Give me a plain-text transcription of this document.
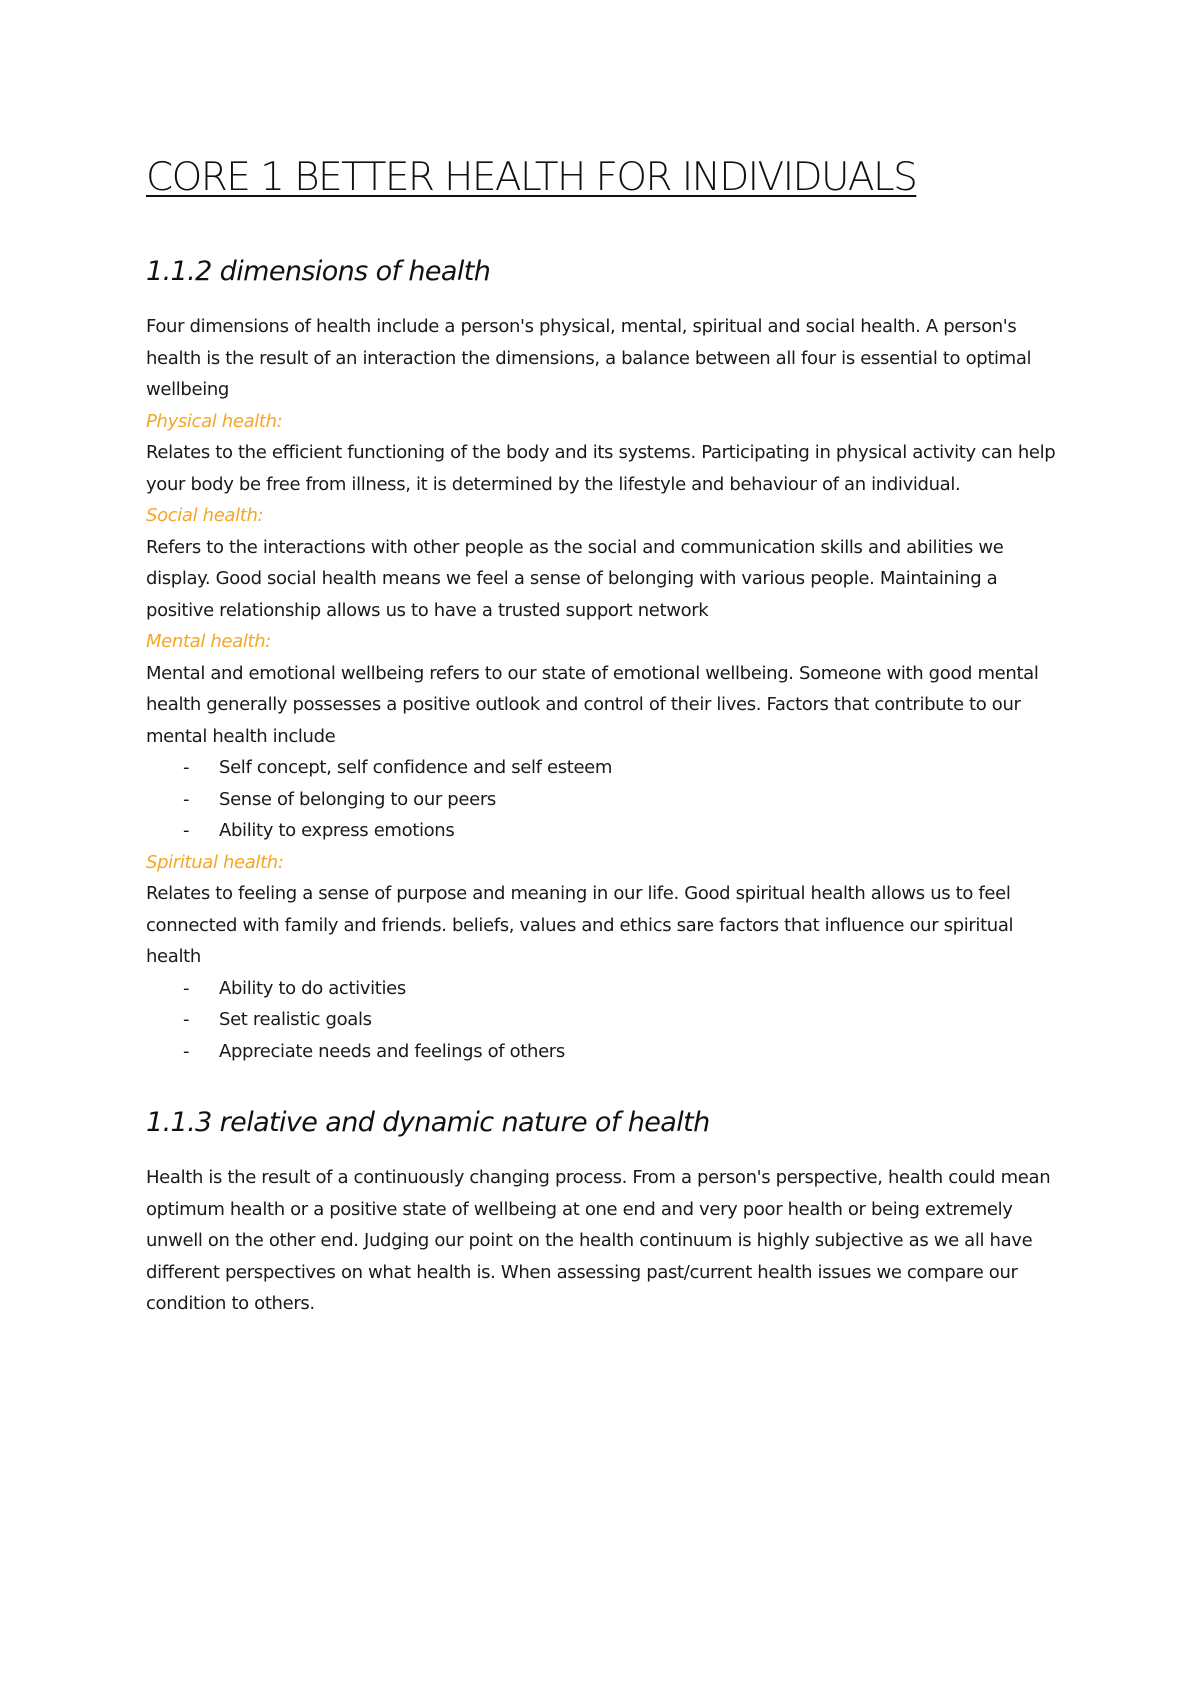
CORE 1 BETTER HEALTH FOR INDIVIDUALS
1.1.2 dimensions of health

Four dimensions of health include a person's physical, mental, spiritual and social health. A person's health is the result of an interaction the dimensions, a balance between all four is essential to optimal wellbeing

Physical health:

Relates to the efficient functioning of the body and its systems. Participating in physical activity can help your body be free from illness, it is determined by the lifestyle and behaviour of an individual.

Social health:

Refers to the interactions with other people as the social and communication skills and abilities we display. Good social health means we feel a sense of belonging with various people. Maintaining a positive relationship allows us to have a trusted support network

Mental health:

Mental and emotional wellbeing refers to our state of emotional wellbeing. Someone with good mental health generally possesses a positive outlook and control of their lives. Factors that contribute to our mental health include

- Self concept, self confidence and self esteem
- Sense of belonging to our peers
- Ability to express emotions

Spiritual health:

Relates to feeling a sense of purpose and meaning in our life. Good spiritual health allows us to feel connected with family and friends. beliefs, values and ethics sare factors that influence our spiritual health

- Ability to do activities
- Set realistic goals
- Appreciate needs and feelings of others
1.1.3 relative and dynamic nature of health

Health is the result of a continuously changing process. From a person's perspective, health could mean optimum health or a positive state of wellbeing at one end and very poor health or being extremely unwell on the other end. Judging our point on the health continuum is highly subjective as we all have different perspectives on what health is. When assessing past/current health issues we compare our condition to others.
